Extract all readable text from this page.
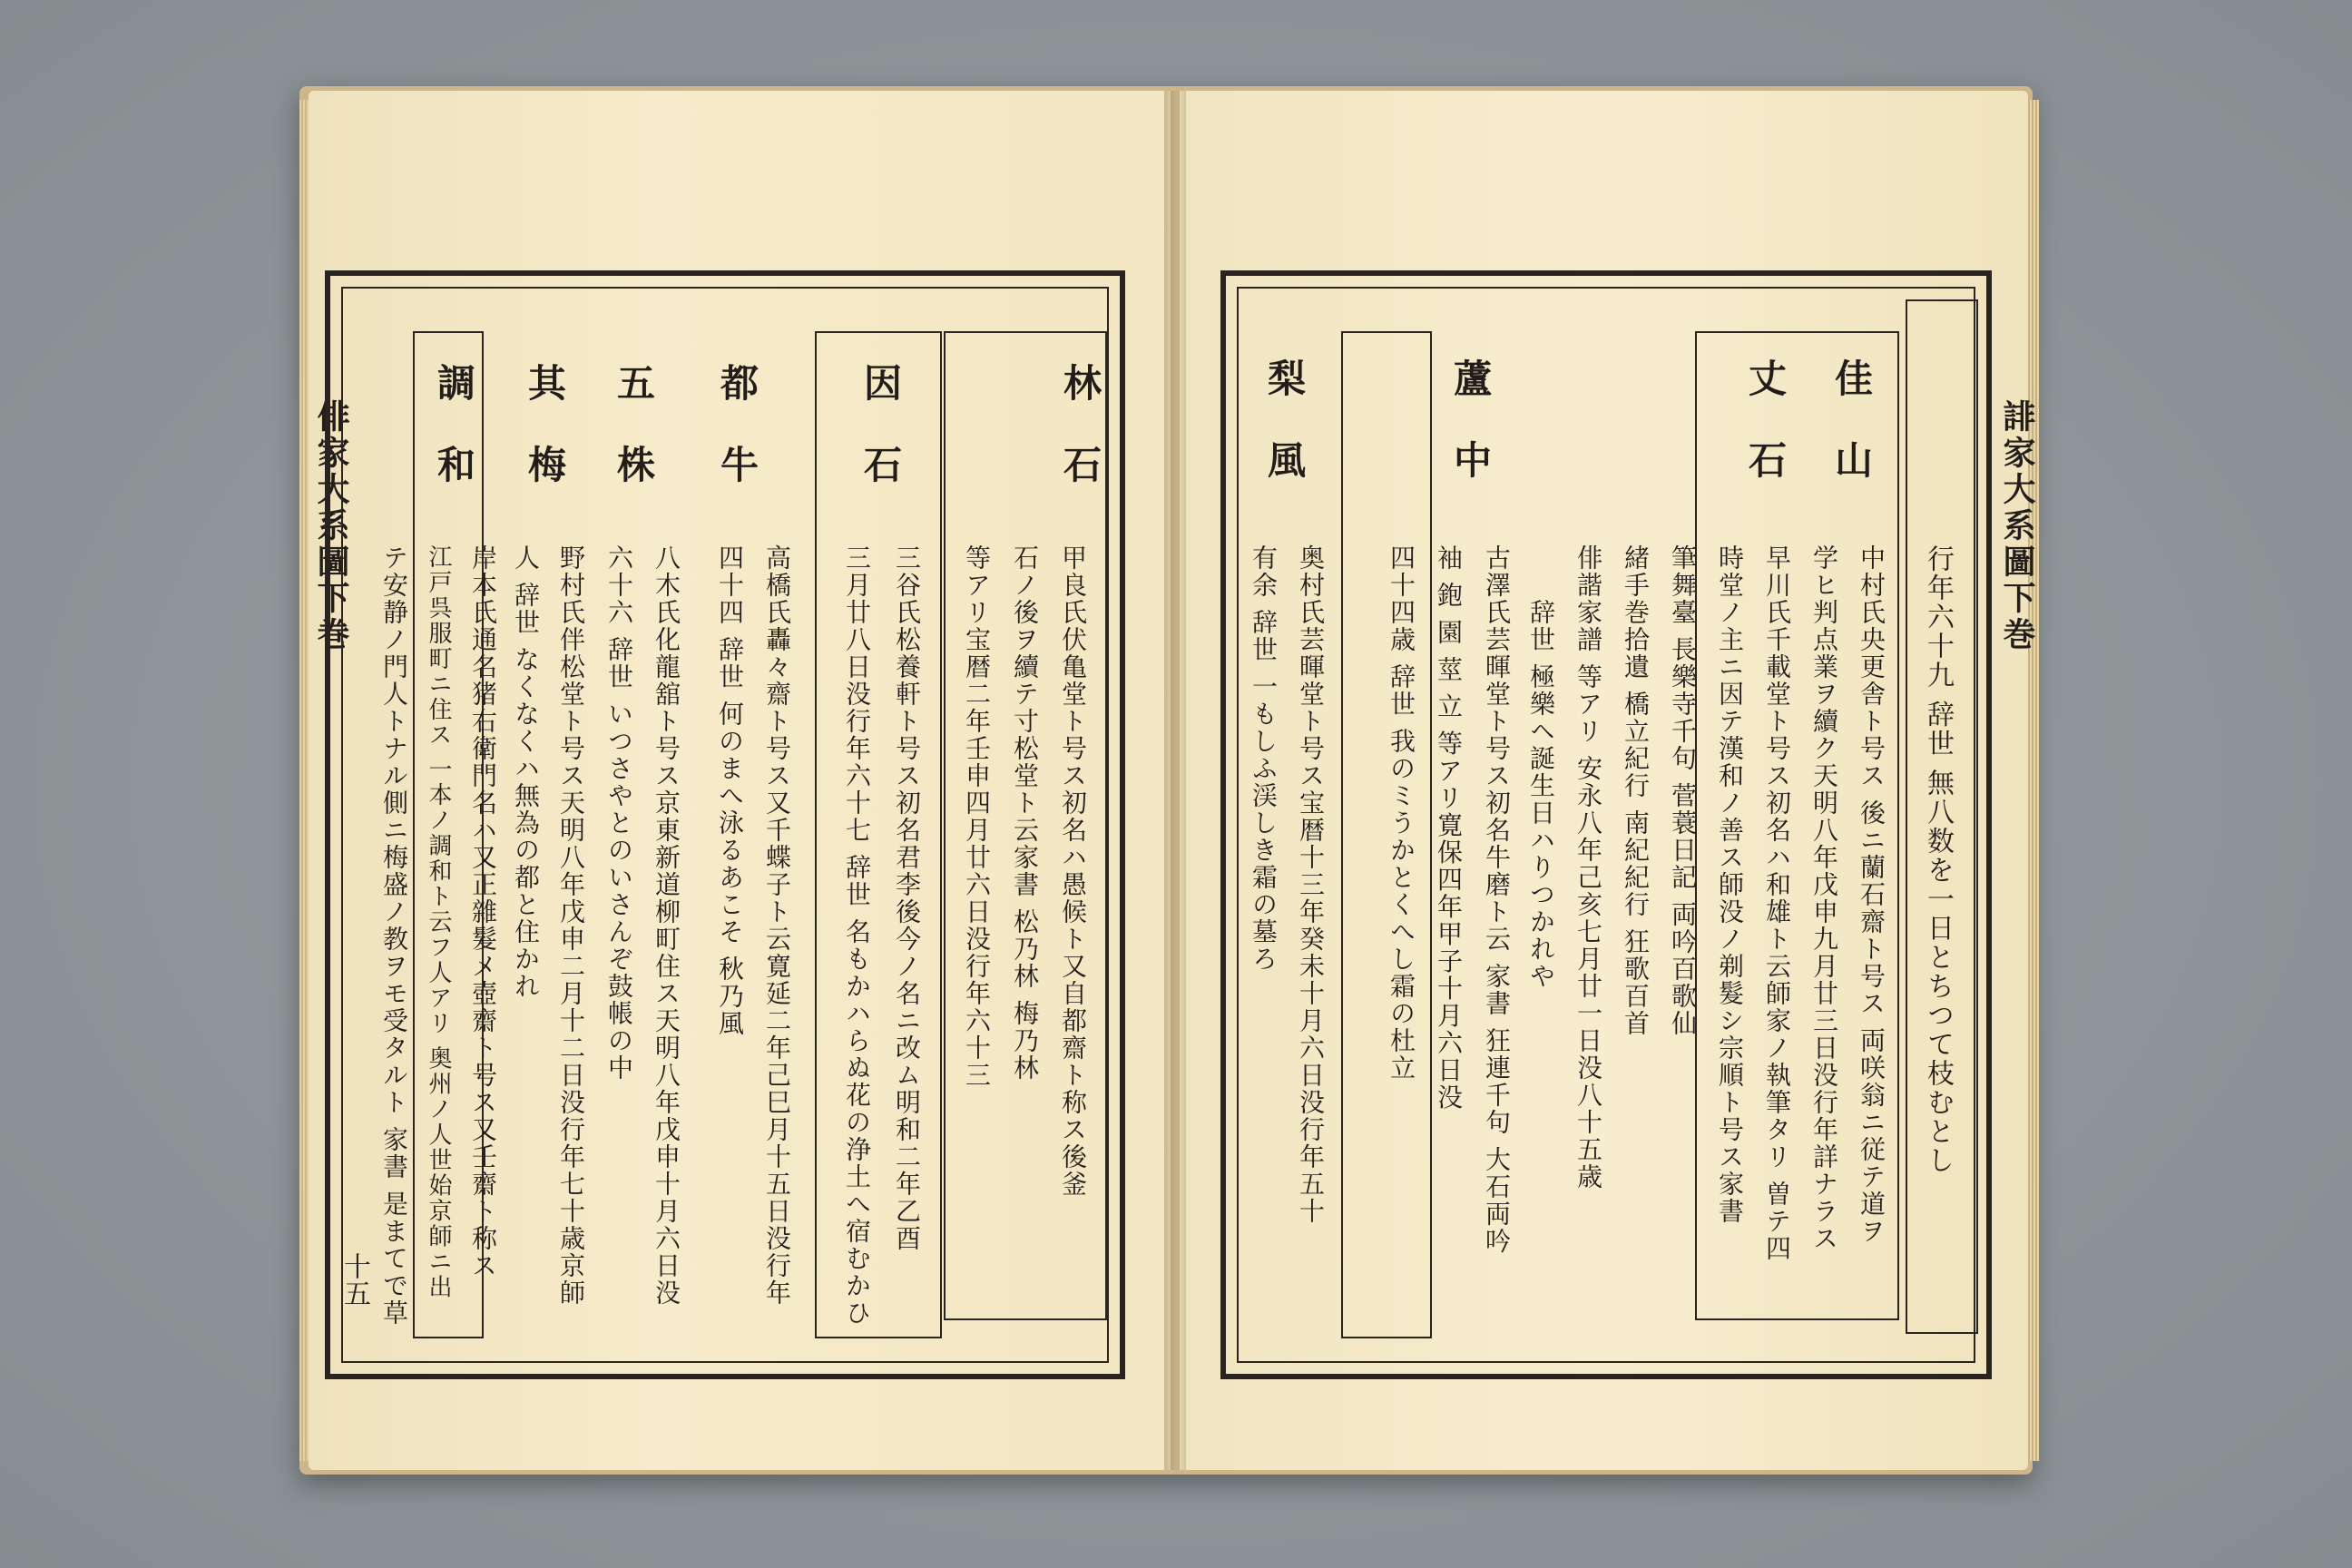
俳家大系圖下巻
十五
林石
甲良氏伏亀堂ト号ス初名ハ愚候ト又自都齋ト称ス後釜
石ノ後ヲ續テ寸松堂ト云家書 松乃林 梅乃林
等アリ宝暦二年壬申四月廿六日没行年六十三
因石
三谷氏松養軒ト号ス初名君李後今ノ名ニ改ム明和二年乙酉
三月廿八日没行年六十七 辞世 名もかハらぬ花の浄土へ宿むかひ
都牛
高橋氏轟々齋ト号ス又千蝶子ト云寛延二年己巳月十五日没行年
四十四 辞世 何のまへ泳るあこそ 秋乃風
五株
八木氏化龍舘ト号ス京東新道柳町住ス天明八年戊申十月六日没
六十六 辞世 いつさやとのいさんぞ鼓帳の中
其梅
野村氏伴松堂ト号ス天明八年戊申二月十二日没行年七十歳京師
人 辞世 なくなくハ無為の都と住かれ
調和
岸本氏通名猪右衛門名ハ又正雜髮メ壺齋ト号ス又壬齋ト称ス
江戸呉服町ニ住ス 一本ノ調和ト云フ人アリ 奥州ノ人世始京師ニ出
テ安静ノ門人トナル側ニ梅盛ノ教ヲモ受タルト 家書 是まてで草
誹家大系圖下巻
行年六十九 辞世 無八数を一日とちつて枝むとし
佳山
丈石
中村氏央更舎ト号ス 後ニ蘭石齋ト号ス 両咲翁ニ従テ道ヲ
学ヒ判点業ヲ續ク天明八年戊申九月廿三日没行年詳ナラス
早川氏千載堂ト号ス初名ハ和雄ト云師家ノ執筆タリ 曽テ四
時堂ノ主ニ因テ漢和ノ善ス師没ノ剃髮シ宗順ト号ス家書
筆舞臺 長樂寺千句 菅蓑日記 両吟百歌仙
緒手巻拾遺 橋立紀行 南紀紀行 狂歌百首
俳諧家譜 等アリ 安永八年己亥七月廿一日没八十五歳
辞世 極樂ヘ誕生日ハりつかれや
蘆中
古澤氏芸暉堂ト号ス初名牛磨ト云 家書 狂連千句 大石両吟
袖 鉋 園 莖 立 等アリ寛保四年甲子十月六日没
四十四歳 辞世 我のミうかとくへし霜の杜立
梨風
奥村氏芸暉堂ト号ス宝暦十三年癸未十月六日没行年五十
有余 辞世 一もしふ渓しき霜の墓ろ
